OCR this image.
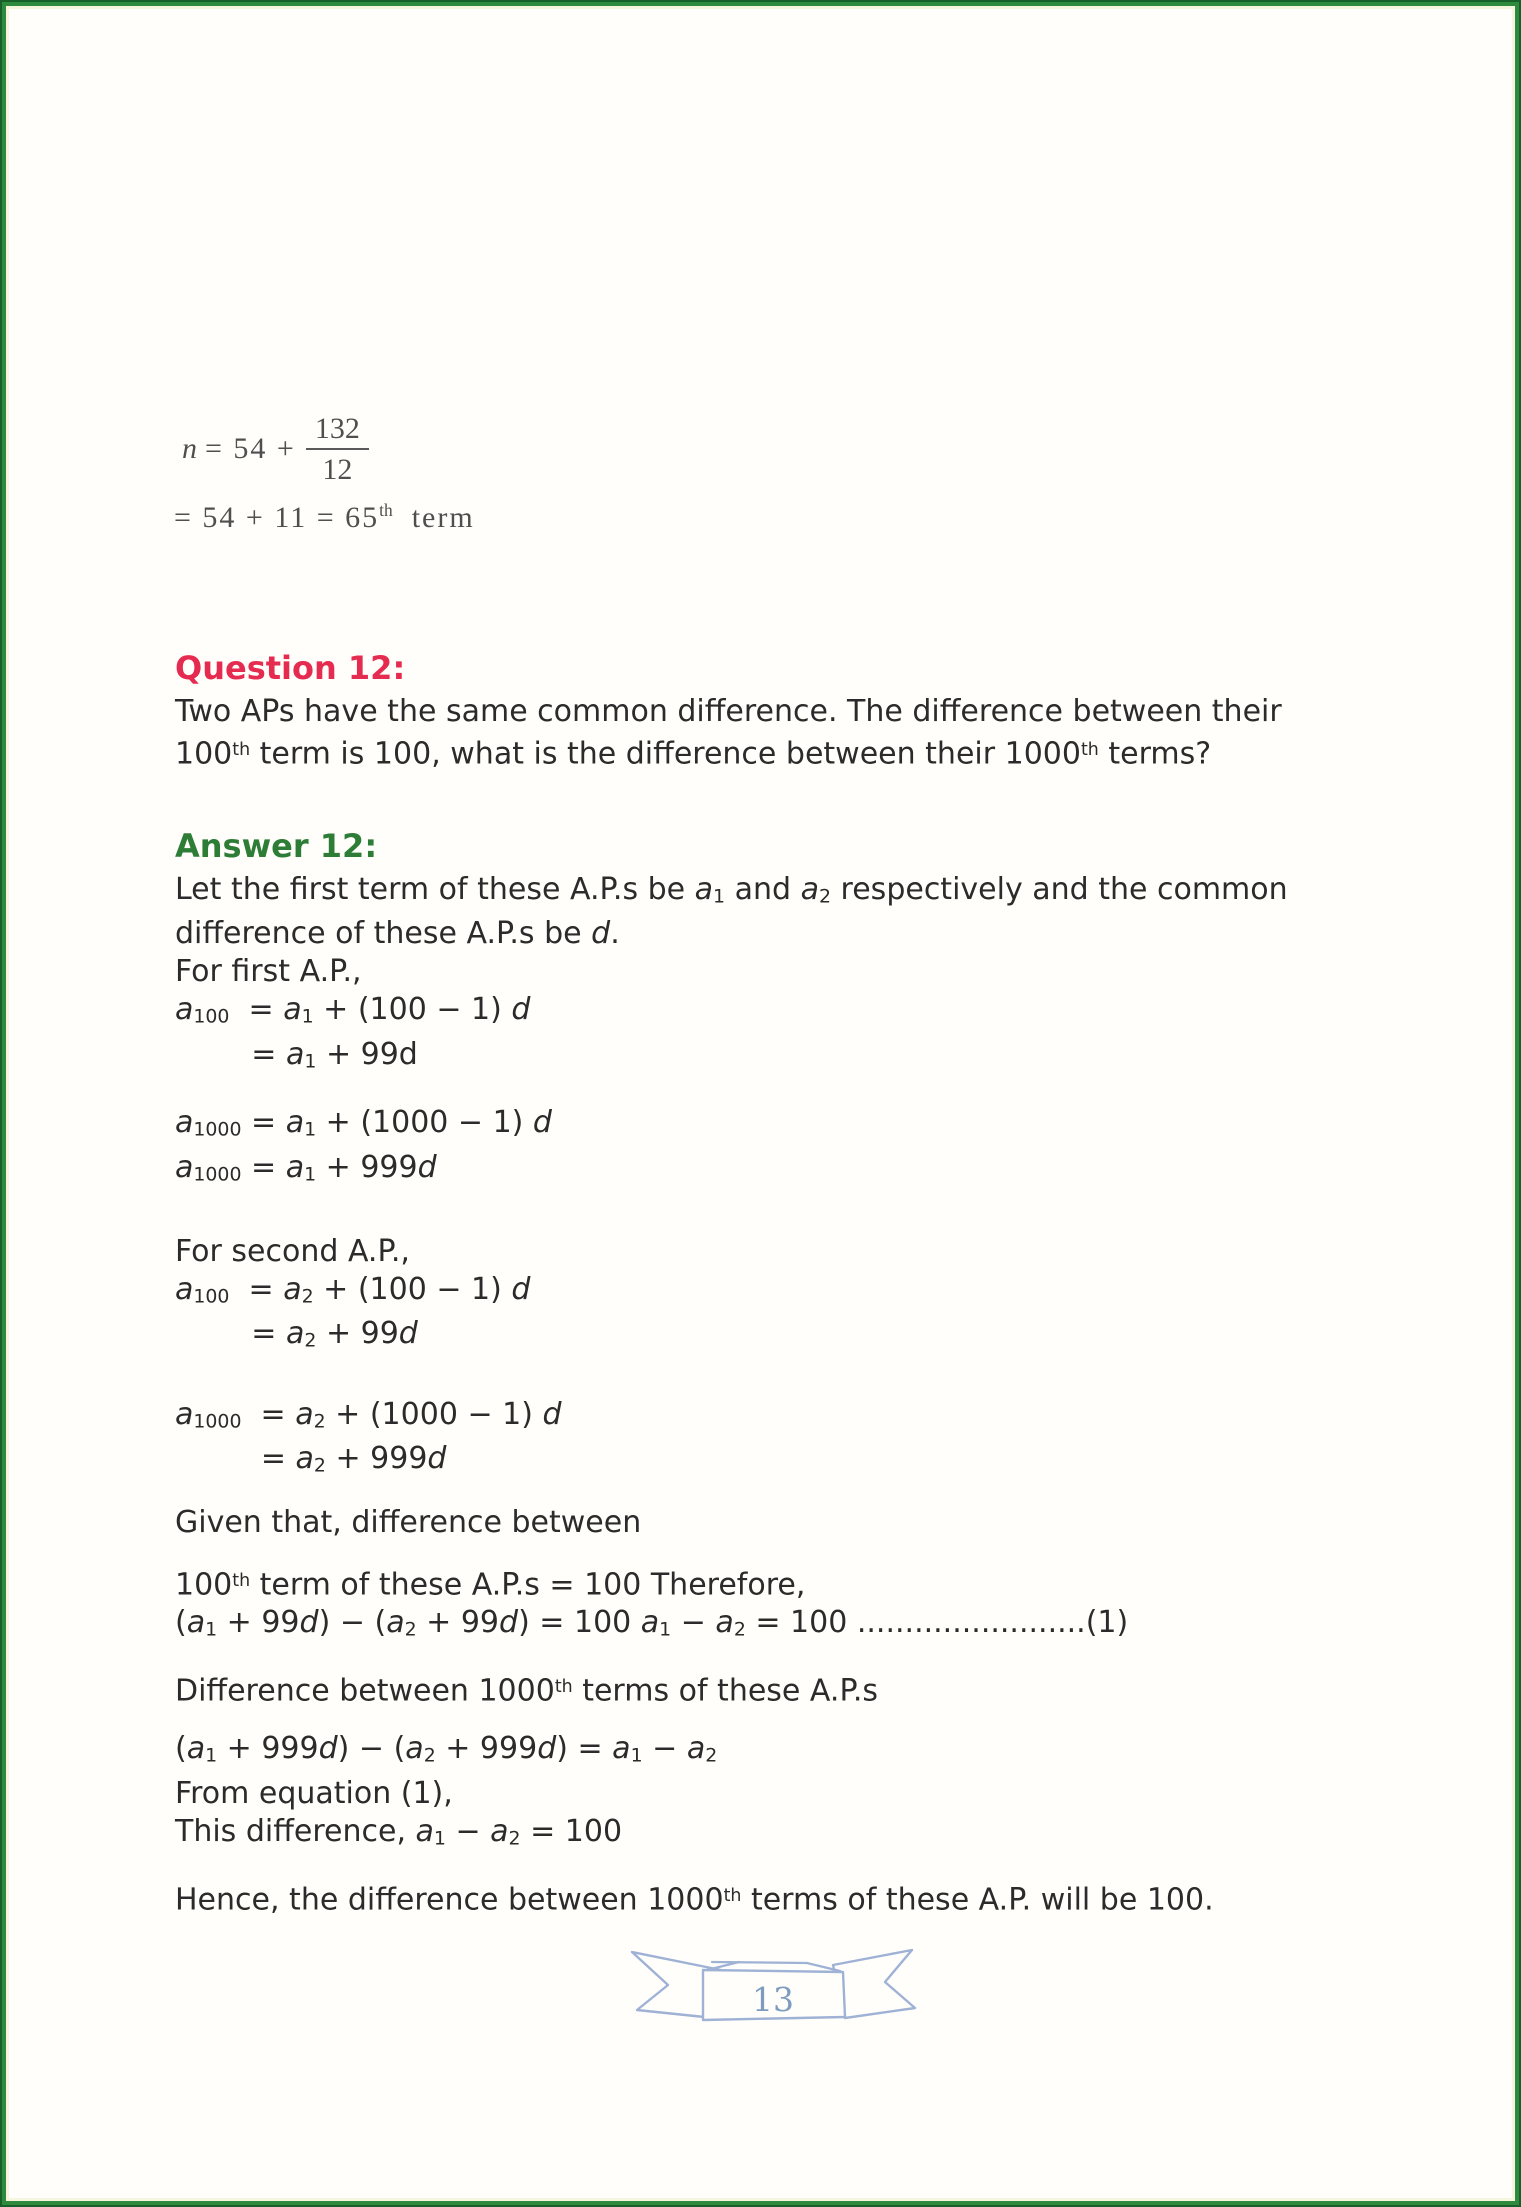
$n = 54 + \frac{132}{12}$
= 54 + 11 = 65th  term
Question 12:
Two APs have the same common difference. The difference between their
100th term is 100, what is the difference between their 1000th terms?
Answer 12:
Let the first term of these A.P.s be a1 and a2 respectively and the common
difference of these A.P.s be d.
For first A.P.,
a100  = a1 + (100 − 1) d
= a1 + 99d
a1000 = a1 + (1000 − 1) d
a1000 = a1 + 999d
For second A.P.,
a100  = a2 + (100 − 1) d
= a2 + 99d
a1000  = a2 + (1000 − 1) d
= a2 + 999d
Given that, difference between
100th term of these A.P.s = 100 Therefore,
(a1 + 99d) − (a2 + 99d) = 100 a1 − a2 = 100 ........................(1)
Difference between 1000th terms of these A.P.s
(a1 + 999d) − (a2 + 999d) = a1 − a2
From equation (1),
This difference, a1 − a2 = 100
Hence, the difference between 1000th terms of these A.P. will be 100.
13
